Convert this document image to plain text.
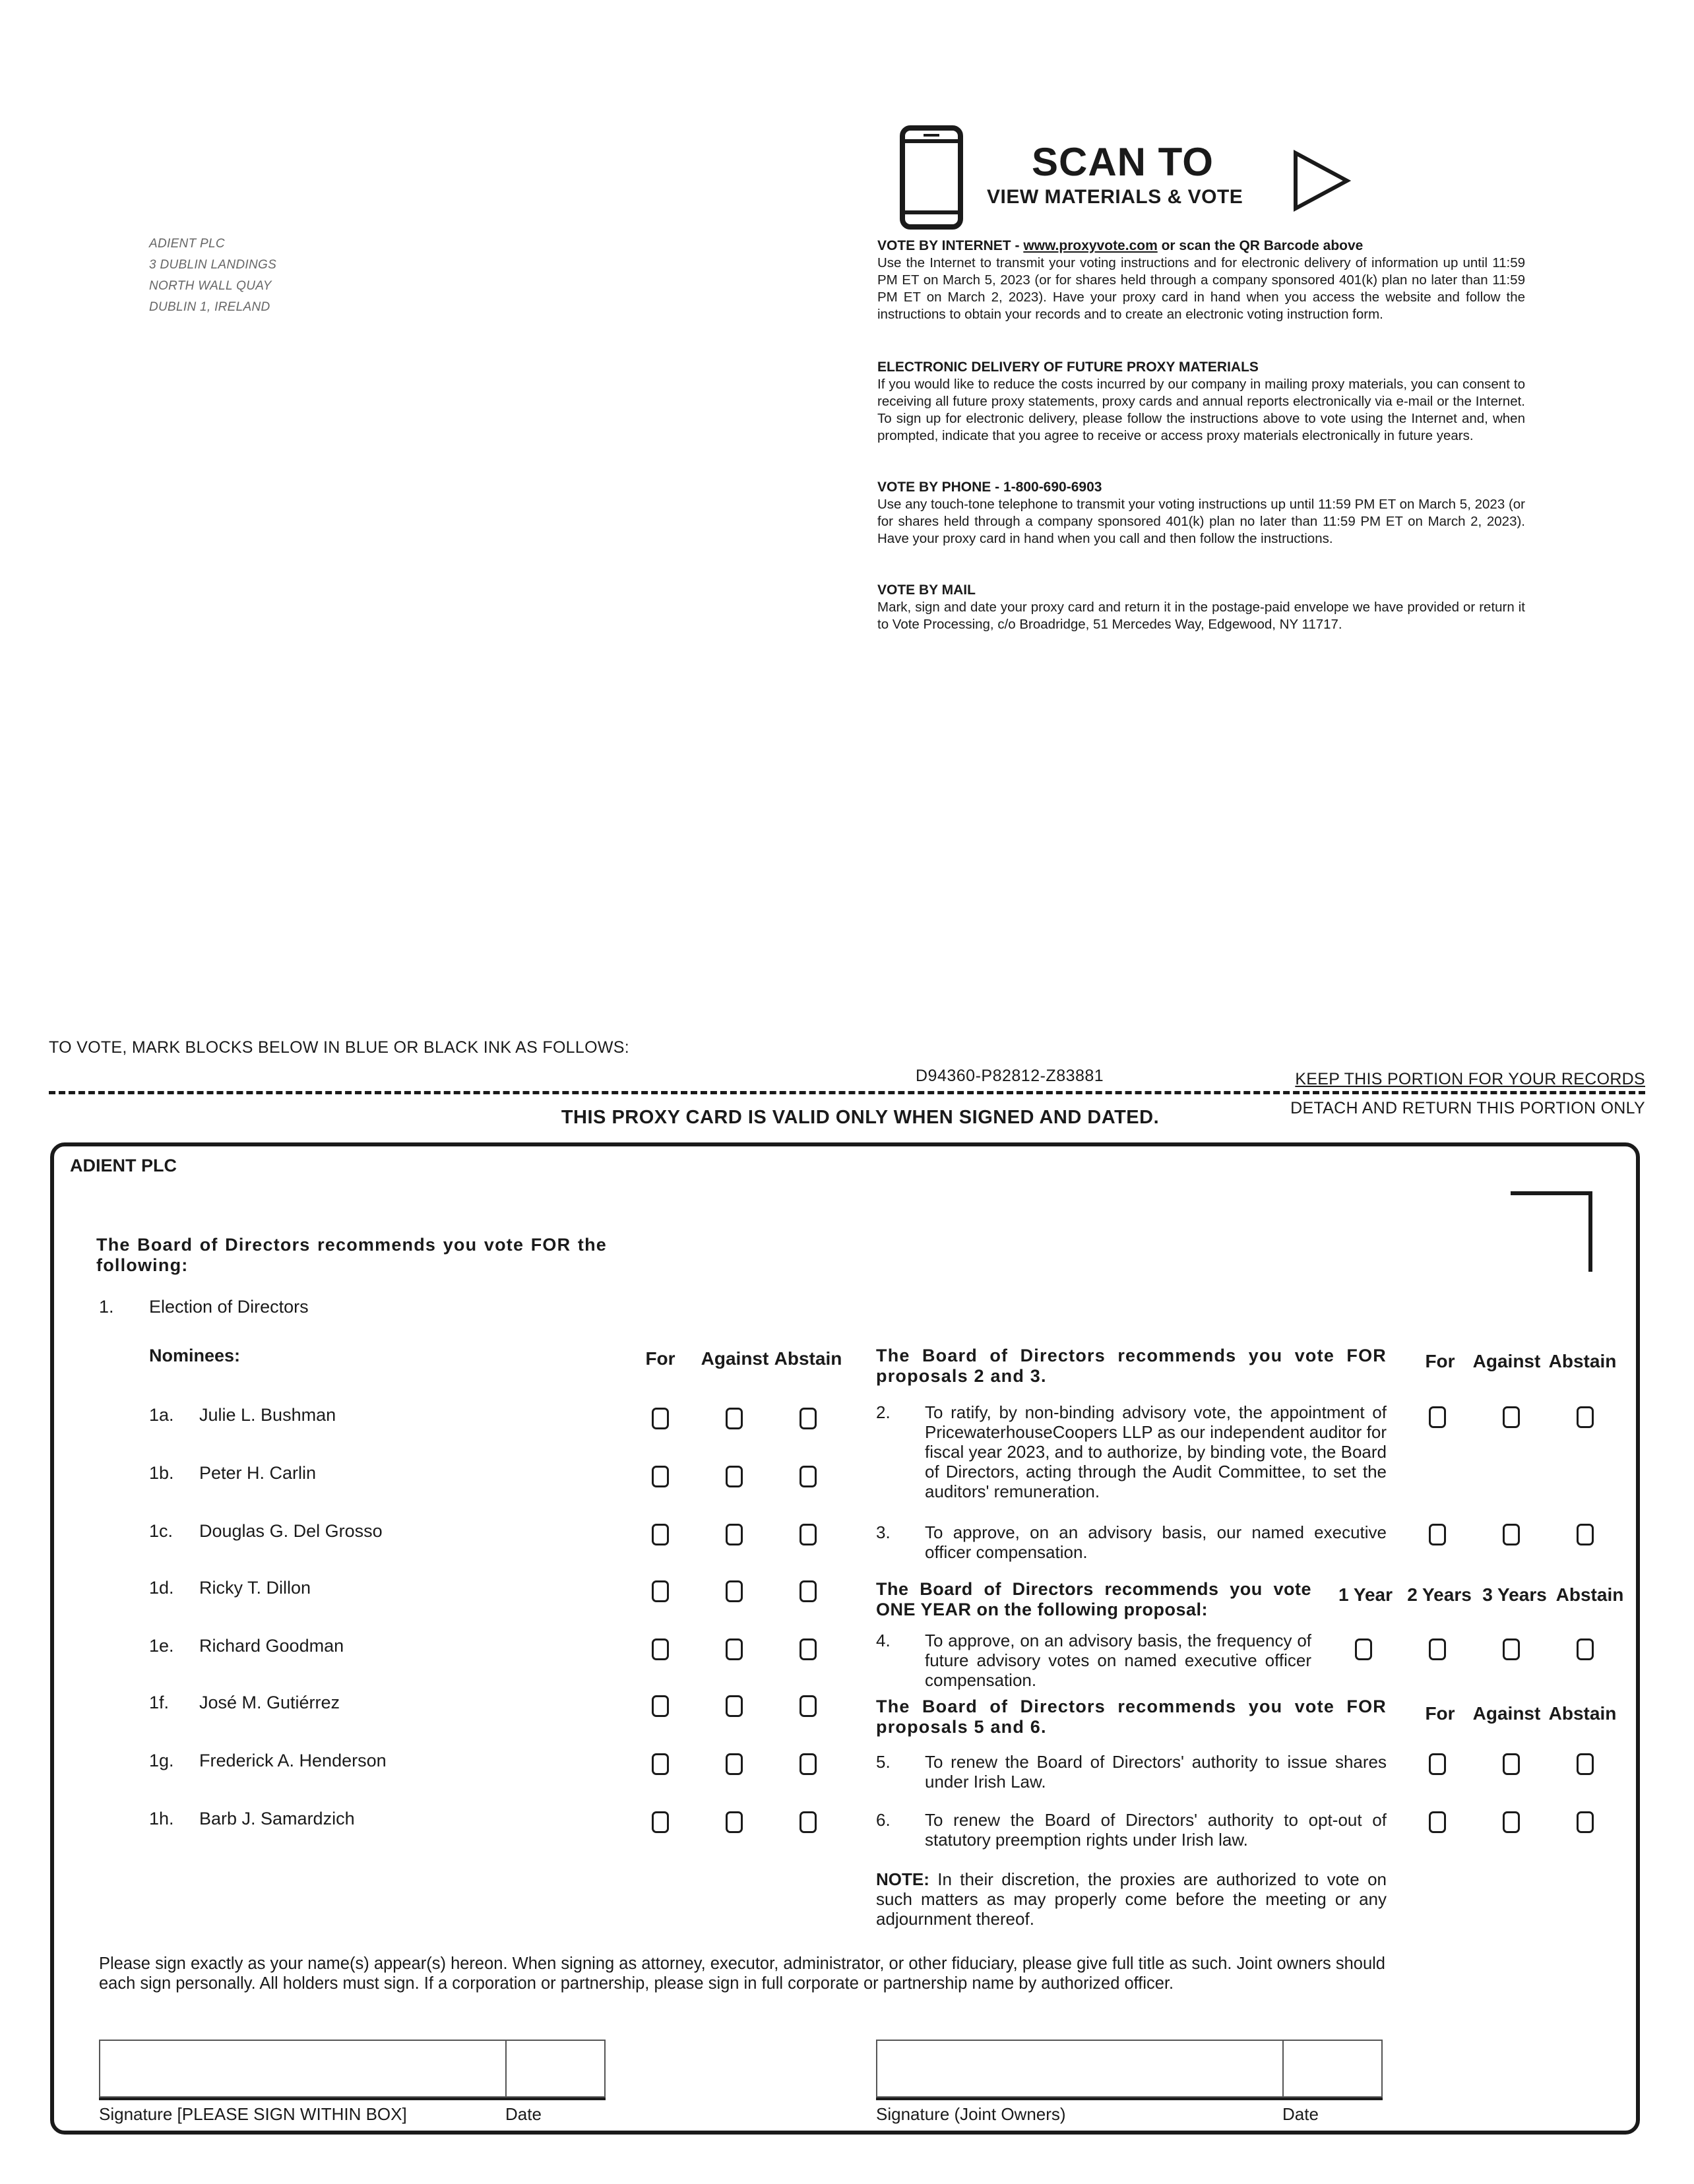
ADIENT PLC
3 DUBLIN LANDINGS
NORTH WALL QUAY
DUBLIN 1, IRELAND
SCAN TO
VIEW MATERIALS & VOTE
VOTE BY INTERNET - www.proxyvote.com or scan the QR Barcode above

Use the Internet to transmit your voting instructions and for electronic delivery of information up until 11:59 PM ET on March 5, 2023 (or for shares held through a company sponsored 401(k) plan no later than 11:59 PM ET on March 2, 2023). Have your proxy card in hand when you access the website and follow the instructions to obtain your records and to create an electronic voting instruction form.

ELECTRONIC DELIVERY OF FUTURE PROXY MATERIALS

If you would like to reduce the costs incurred by our company in mailing proxy materials, you can consent to receiving all future proxy statements, proxy cards and annual reports electronically via e-mail or the Internet. To sign up for electronic delivery, please follow the instructions above to vote using the Internet and, when prompted, indicate that you agree to receive or access proxy materials electronically in future years.

VOTE BY PHONE - 1-800-690-6903

Use any touch-tone telephone to transmit your voting instructions up until 11:59 PM ET on March 5, 2023 (or for shares held through a company sponsored 401(k) plan no later than 11:59 PM ET on March 2, 2023). Have your proxy card in hand when you call and then follow the instructions.

VOTE BY MAIL

Mark, sign and date your proxy card and return it in the postage-paid envelope we have provided or return it to Vote Processing, c/o Broadridge, 51 Mercedes Way, Edgewood, NY 11717.

TO VOTE, MARK BLOCKS BELOW IN BLUE OR BLACK INK AS FOLLOWS:
D94360-P82812-Z83881	KEEP THIS PORTION FOR YOUR RECORDS
DETACH AND RETURN THIS PORTION ONLY
THIS PROXY CARD IS VALID ONLY WHEN SIGNED AND DATED.
ADIENT PLC
The Board of Directors recommends you vote FOR the following:
1. Election of Directors
Nominees:	For	Against Abstain
1a. Julie L. Bushman
1b. Peter H. Carlin
1c. Douglas G. Del Grosso
1d. Ricky T. Dillon
1e. Richard Goodman
1f. José M. Gutiérrez
1g. Frederick A. Henderson
1h. Barb J. Samardzich
The Board of Directors recommends you vote FOR proposals 2 and 3.
For Against Abstain
2. To ratify, by non-binding advisory vote, the appointment of PricewaterhouseCoopers LLP as our independent auditor for fiscal year 2023, and to authorize, by binding vote, the Board of Directors, acting through the Audit Committee, to set the auditors' remuneration.
3. To approve, on an advisory basis, our named executive officer compensation.
The Board of Directors recommends you vote ONE YEAR on the following proposal:
1 Year 2 Years 3 Years Abstain
4. To approve, on an advisory basis, the frequency of future advisory votes on named executive officer compensation.
The Board of Directors recommends you vote FOR proposals 5 and 6.
For Against Abstain
5. To renew the Board of Directors' authority to issue shares under Irish Law.
6. To renew the Board of Directors' authority to opt-out of statutory preemption rights under Irish law.
NOTE: In their discretion, the proxies are authorized to vote on such matters as may properly come before the meeting or any adjournment thereof.
Please sign exactly as your name(s) appear(s) hereon. When signing as attorney, executor, administrator, or other fiduciary, please give full title as such. Joint owners should each sign personally. All holders must sign. If a corporation or partnership, please sign in full corporate or partnership name by authorized officer.
Signature [PLEASE SIGN WITHIN BOX]	Date	Signature (Joint Owners)	Date
